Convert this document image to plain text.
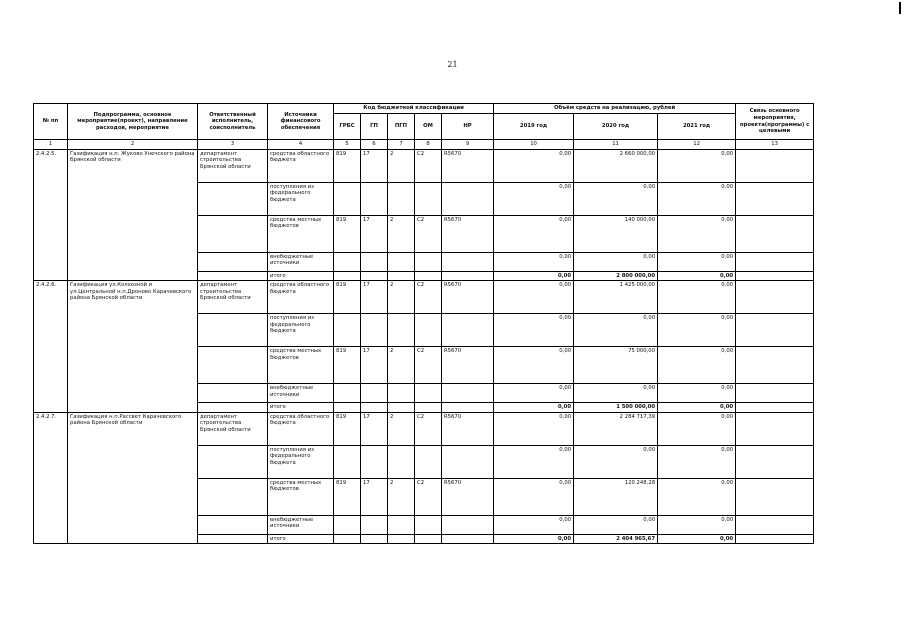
21
№ пп	Подпрограмма, основное мероприятие(проект), направление расходов, мероприятие	Ответственный исполнитель, соисполнитель	Источники финансового обеспечения	Код бюджетной классификации					Объём средств на реализацию, рублей			Связь основного мероприятия, проекта(программы) с целевыми
				ГРБС	ГП	ПГП	ОМ	НР	2019 год	2020 год	2021 год	
1	2	3	4	5	6	7	8	9	10	11	12	13
2.4.2.5.	Газификация н.п. Жуково Унечского района Брянской области	департамент строительства Брянской области	средства областного бюджета	819	17	2	С2	R5670	0,00	2 660 000,00	0,00	
			поступления из федерального бюджета						0,00	0,00	0,00	
			средства местных бюджетов	819	17	2	С2	R5670	0,00	140 000,00	0,00	
			внебюджетные источники						0,00	0,00	0,00	
			итого						0,00	2 800 000,00	0,00	
2.4.2.6.	Газификация ул.Колхозной и ул.Центральной н.п.Дроново Карачевского района Брянской области	департамент строительства Брянской области	средства областного бюджета	819	17	2	С2	R5670	0,00	1 425 000,00	0,00	
			поступления из федерального бюджета						0,00	0,00	0,00	
			средства местных бюджетов	819	17	2	С2	R5670	0,00	75 000,00	0,00	
			внебюджетные источники						0,00	0,00	0,00	
			итого						0,00	1 500 000,00	0,00	
2.4.2.7.	Газификация н.п.Рассвет Карачевского района Брянской области	департамент строительства Брянской области	средства областного бюджета	819	17	2	С2	R5670	0,00	2 284 717,39	0,00	
			поступления из федерального бюджета						0,00	0,00	0,00	
			средства местных бюджетов	819	17	2	С2	R5670	0,00	120 248,28	0,00	
			внебюджетные источники						0,00	0,00	0,00	
			итого						0,00	2 404 965,67	0,00	
